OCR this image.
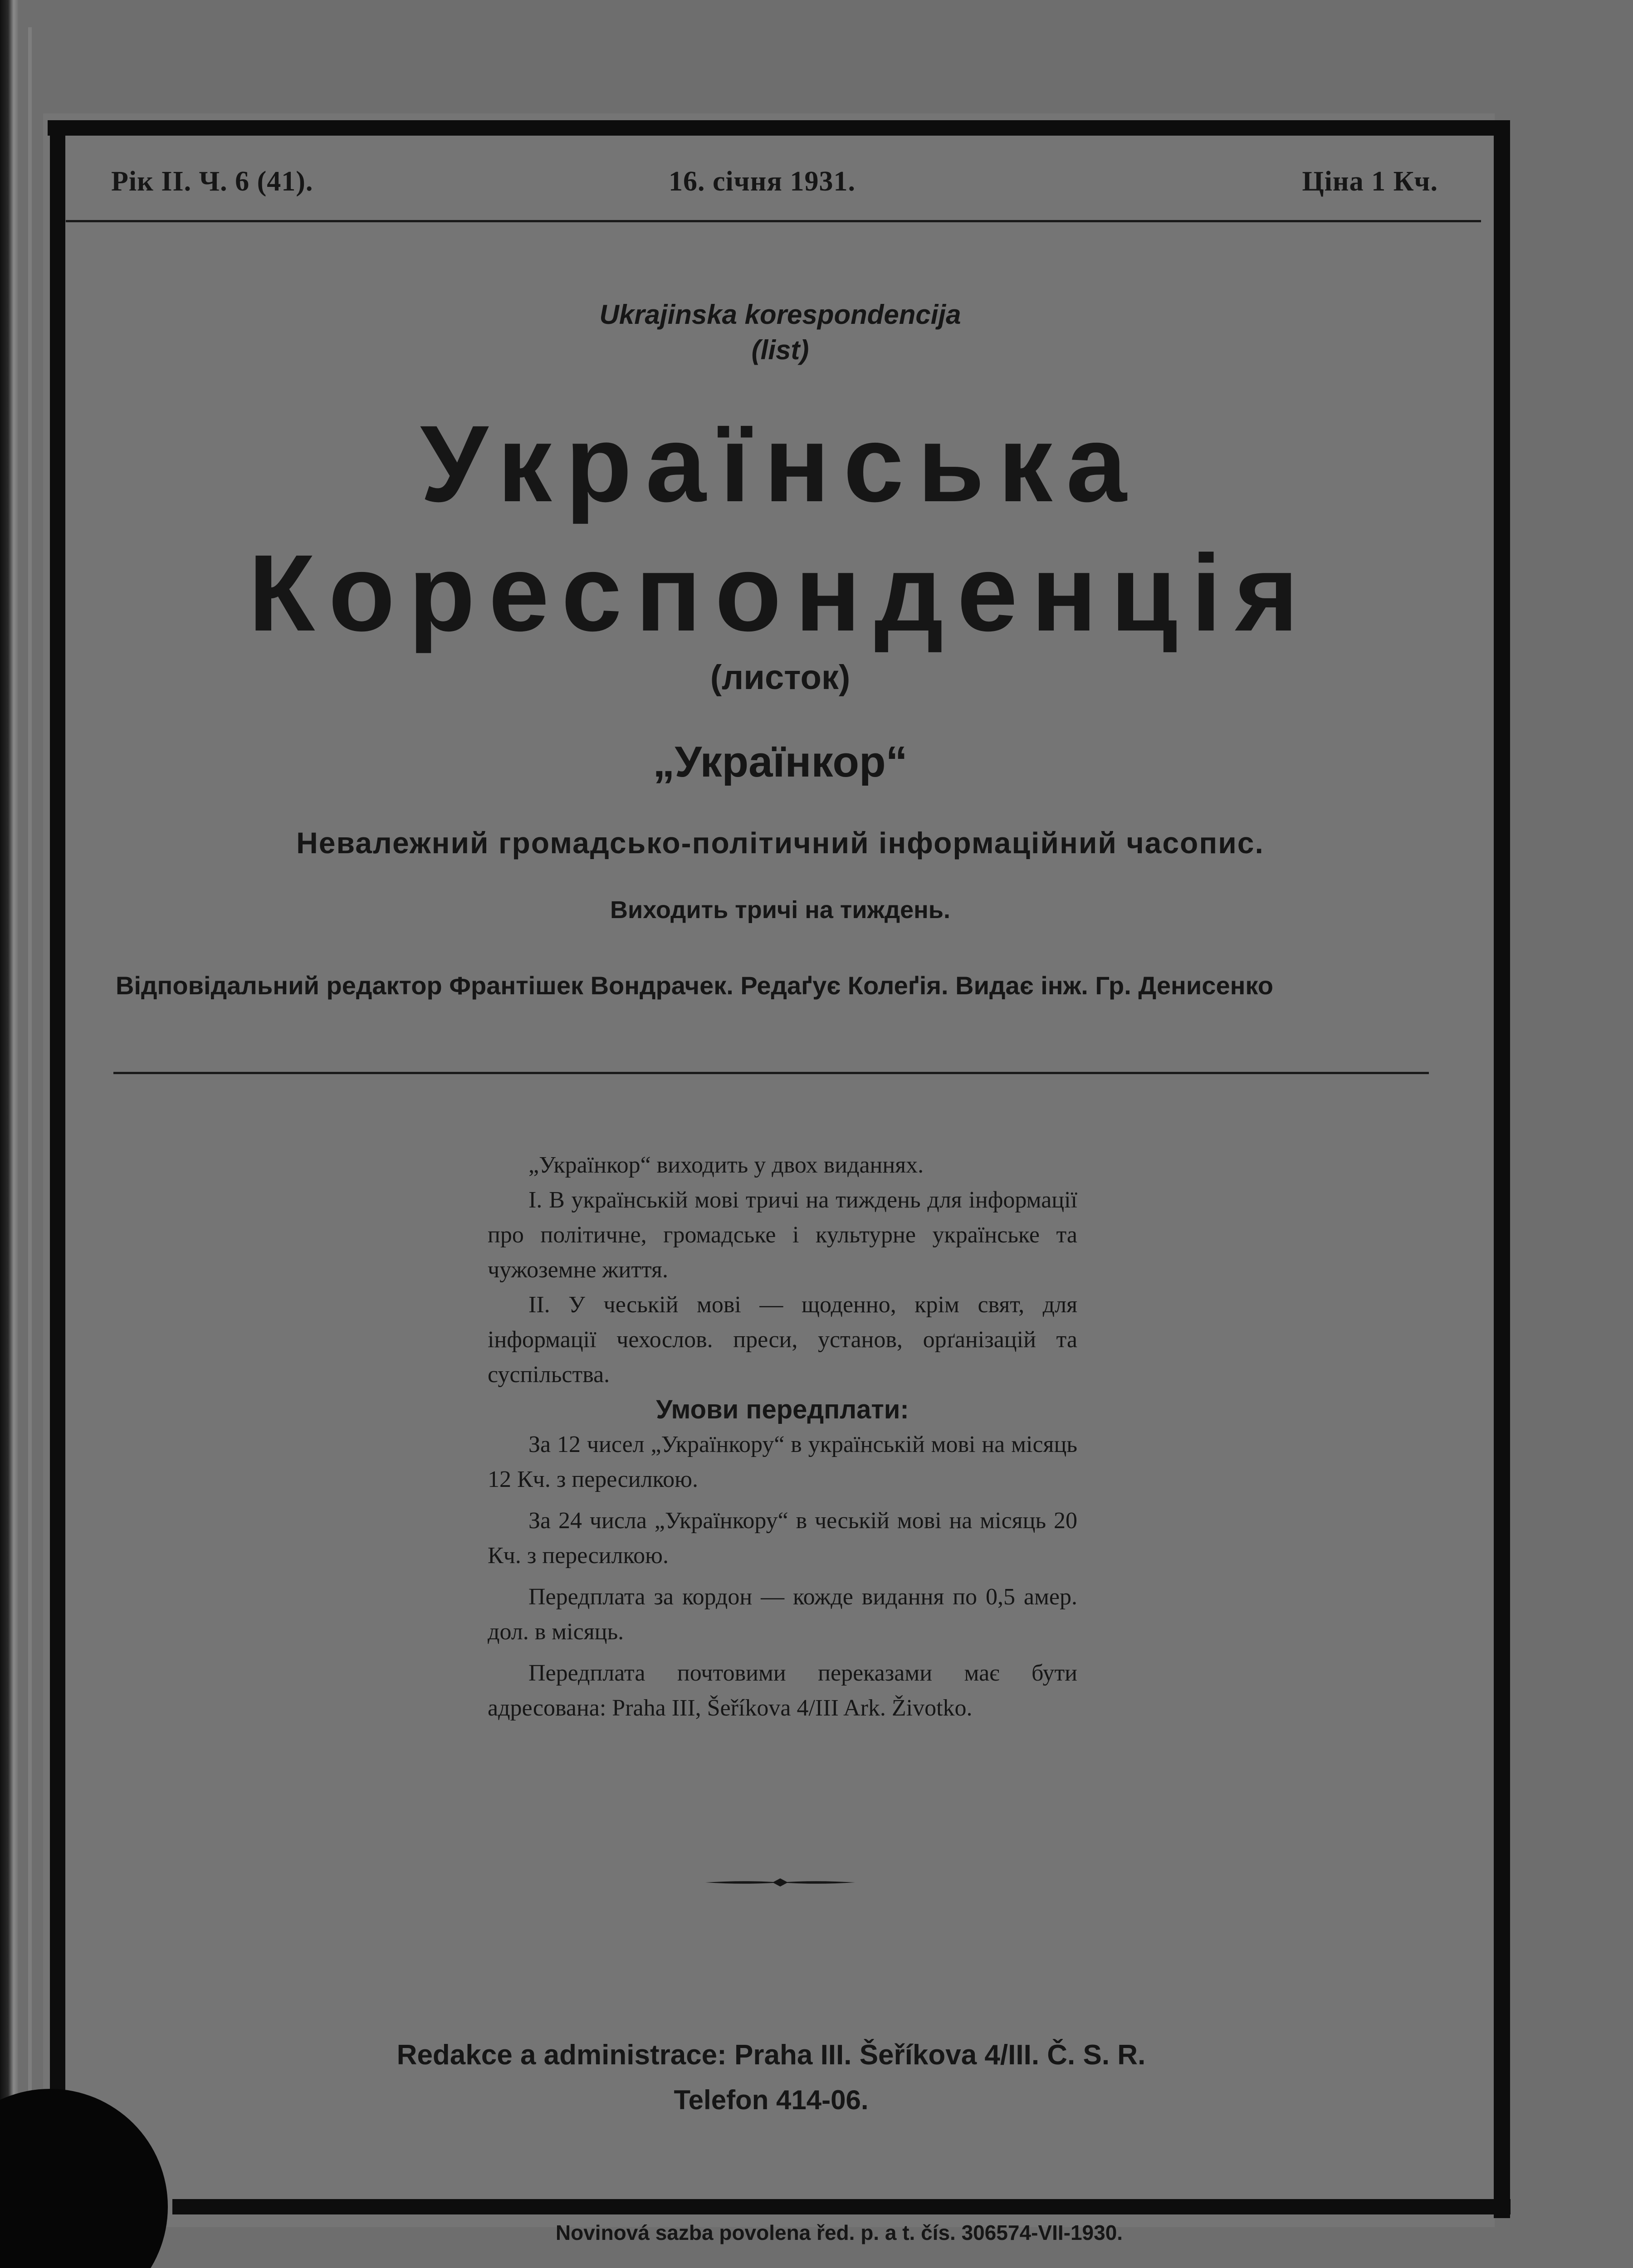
Рік II. Ч. 6 (41).	16. січня 1931.	Ціна 1 Кч.
Ukrajinska korespondencija
(list)
Українська
Кореспонденція
(листок)
„Українкор“
Невалежний громадсько-політичний інформаційний часопис.
Виходить тричі на тиждень.
Відповідальний редактор Франтішек Вондрачек. Редаґує Колеґія. Видає інж. Гр. Денисенко

„Українкор“ виходить у двох виданнях.

I. В українській мові тричі на тиждень для інформації про політичне, громадське і культурне українське та чужоземне життя.

II. У чеській мові — щоденно, крім свят, для інформації чехослов. преси, установ, орґанізацій та суспільства.

Умови передплати:

За 12 чисел „Українкору“ в українській мові на місяць 12 Кч. з пересилкою.

За 24 числа „Українкору“ в чеській мові на місяць 20 Кч. з пересилкою.

Передплата за кордон — кожде видання по 0,5 амер. дол. в місяць.

Передплата почтовими переказами має бути адресована: Praha III, Šeříkova 4/III Ark. Životko.

Redakce a administrace: Praha III. Šeříkova 4/III. Č. S. R.
Telefon 414-06.
Novinová sazba povolena řed. p. a t. čís. 306574-VII-1930.
